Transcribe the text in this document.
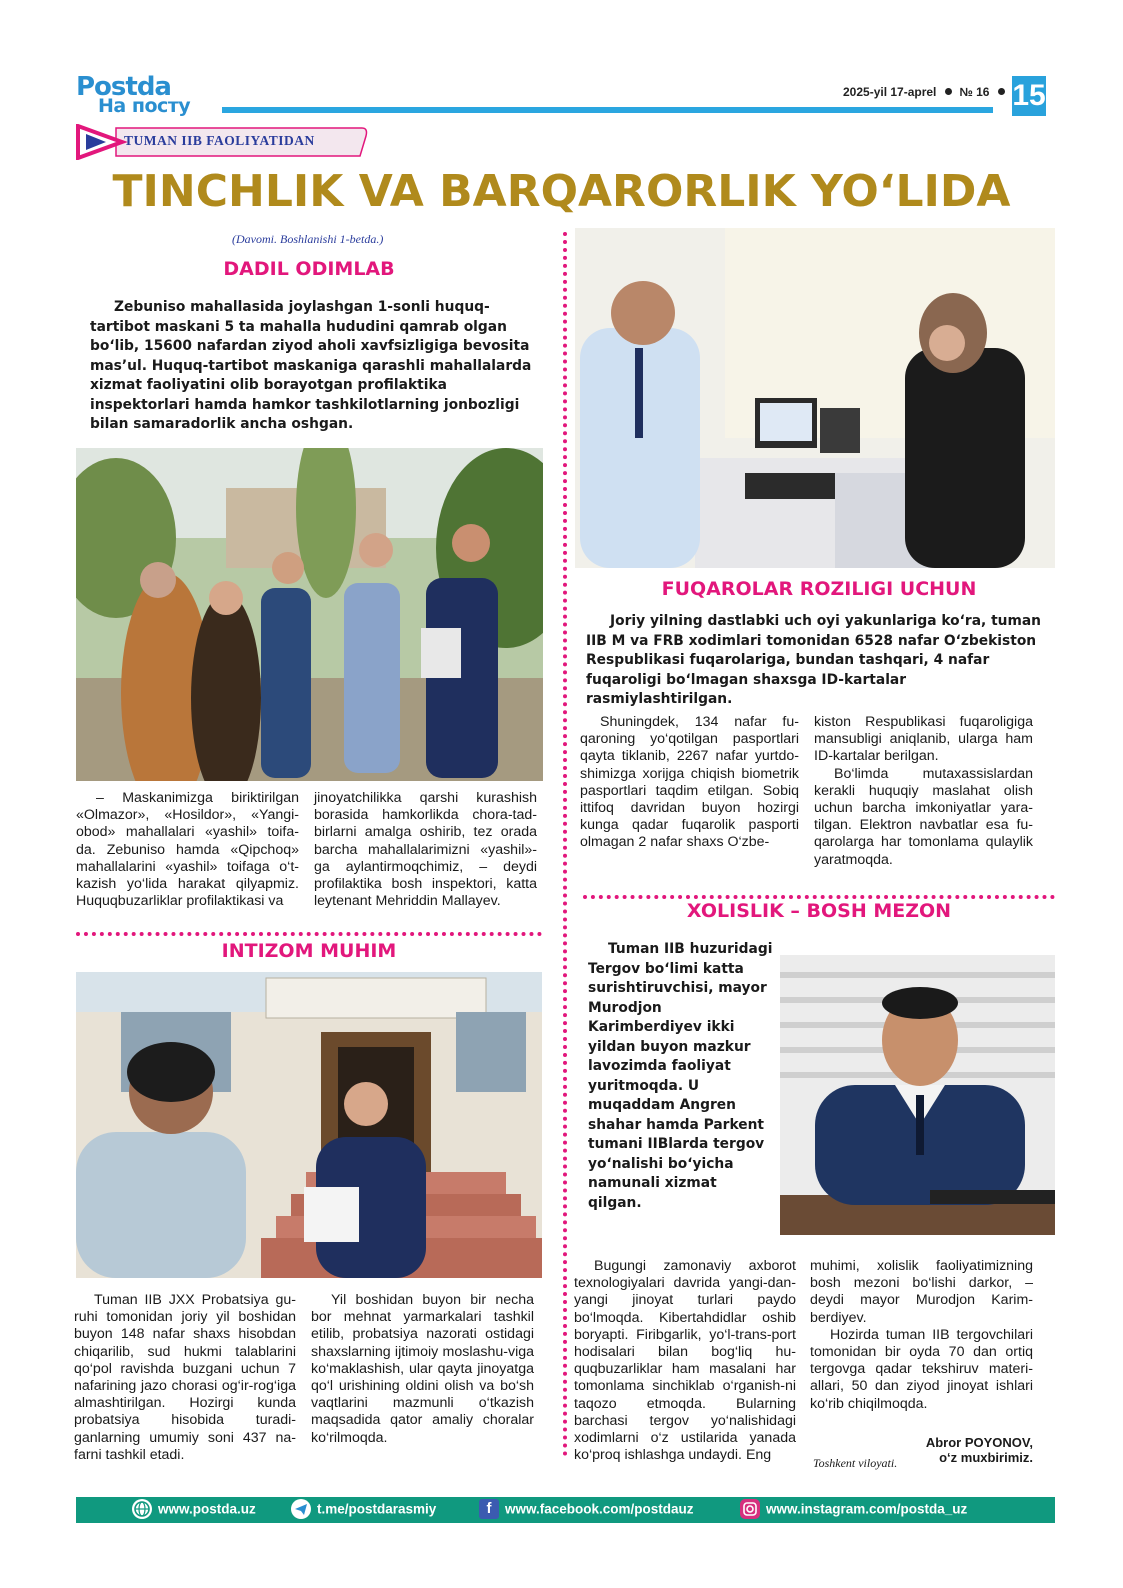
Postda
На посту
2025-yil 17-aprel № 16 15
TUMAN IIB FAOLIYATIDAN
TINCHLIK VA BARQARORLIK YO‘LIDA
(Davomi. Boshlanishi 1-betda.)
DADIL ODIMLAB
Zebuniso mahallasida joylashgan 1-sonli huquq-tartibot maskani 5 ta mahalla hududini qamrab olgan bo‘lib, 15600 nafardan ziyod aholi xavfsizligiga bevosita mas’ul. Huquq-tartibot maskaniga qarashli mahallalarda xizmat faoliyatini olib borayotgan profilaktika inspektorlari hamda hamkor tashkilotlarning jonbozligi bilan samaradorlik ancha oshgan.

– Maskanimizga biriktirilgan «Olmazor», «Hosildor», «Yangi-obod» mahallalari «yashil» toifa-da. Zebuniso hamda «Qipchoq» mahallalarini «yashil» toifaga o‘t-kazish yo‘lida harakat qilyapmiz. Huquqbuzarliklar profilaktikasi va

jinoyatchilikka qarshi kurashish borasida hamkorlikda chora-tad-birlarni amalga oshirib, tez orada barcha mahallalarimizni «yashil»-ga aylantirmoqchimiz, – deydi profilaktika bosh inspektori, katta leytenant Mehriddin Mallayev.

FUQAROLAR ROZILIGI UCHUN
Joriy yilning dastlabki uch oyi yakunlariga ko‘ra, tuman IIB M va FRB xodimlari tomonidan 6528 nafar O‘zbekiston Respublikasi fuqarolariga, bundan tashqari, 4 nafar fuqaroligi bo‘lmagan shaxsga ID-kartalar rasmiylashtirilgan.

Shuningdek, 134 nafar fu-qaroning yo‘qotilgan pasportlari qayta tiklanib, 2267 nafar yurtdo-shimizga xorijga chiqish biometrik pasportlari taqdim etilgan. Sobiq ittifoq davridan buyon hozirgi kunga qadar fuqarolik pasporti olmagan 2 nafar shaxs O‘zbe-

kiston Respublikasi fuqaroligiga mansubligi aniqlanib, ularga ham ID-kartalar berilgan.

Bo‘limda mutaxassislardan kerakli huquqiy maslahat olish uchun barcha imkoniyatlar yara-tilgan. Elektron navbatlar esa fu-qarolarga har tomonlama qulaylik yaratmoqda.

INTIZOM MUHIM

Tuman IIB JXX Probatsiya gu-ruhi tomonidan joriy yil boshidan buyon 148 nafar shaxs hisobdan chiqarilib, sud hukmi talablarini qo‘pol ravishda buzgani uchun 7 nafarining jazo chorasi og‘ir-rog‘iga almashtirilgan. Hozirgi kunda probatsiya hisobida turadi-ganlarning umumiy soni 437 na-farni tashkil etadi.

Yil boshidan buyon bir necha bor mehnat yarmarkalari tashkil etilib, probatsiya nazorati ostidagi shaxslarning ijtimoiy moslashu-viga ko‘maklashish, ular qayta jinoyatga qo‘l urishining oldini olish va bo‘sh vaqtlarini mazmunli o‘tkazish maqsadida qator amaliy choralar ko‘rilmoqda.

XOLISLIK – BOSH MEZON
Tuman IIB huzuridagi Tergov bo‘limi katta surishtiruvchisi, mayor Murodjon Karimberdiyev ikki yildan buyon mazkur lavozimda faoliyat yuritmoqda. U muqaddam Angren shahar hamda Parkent tumani IIBlarda tergov yo‘nalishi bo‘yicha namunali xizmat qilgan.

Bugungi zamonaviy axborot texnologiyalari davrida yangi-dan-yangi jinoyat turlari paydo bo‘lmoqda. Kibertahdidlar oshib boryapti. Firibgarlik, yo‘l-trans-port hodisalari bilan bog‘liq hu-quqbuzarliklar ham masalani har tomonlama sinchiklab o‘rganish-ni taqozo etmoqda. Bularning barchasi tergov yo‘nalishidagi xodimlarni o‘z ustilarida yanada ko‘proq ishlashga undaydi. Eng

muhimi, xolislik faoliyatimizning bosh mezoni bo‘lishi darkor, – deydi mayor Murodjon Karim-berdiyev.

Hozirda tuman IIB tergovchilari tomonidan bir oyda 70 dan ortiq tergovga qadar tekshiruv materi-allari, 50 dan ziyod jinoyat ishlari ko‘rib chiqilmoqda.

Abror POYONOV,
o‘z muxbirimiz.
Toshkent viloyati.
www.postda.uz	t.me/postdarasmiy	f www.facebook.com/postdauz	www.instagram.com/postda_uz
